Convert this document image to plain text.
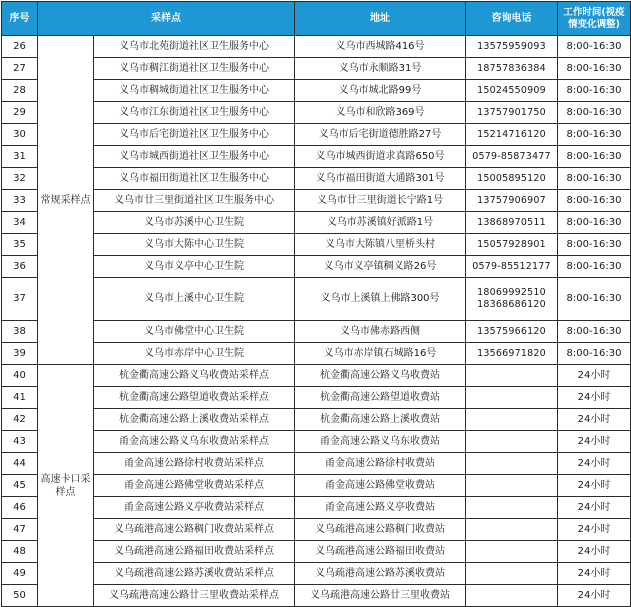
序号	采样点		地址	咨询电话	工作时间(视疫情变化调整)
26	常规采样点	义乌市北苑街道社区卫生服务中心	义乌市西城路416号	13575959093	8:00-16:30
27		义乌市稠江街道社区卫生服务中心	义乌市永顺路31号	18757836384	8:00-16:30
28		义乌市稠城街道社区卫生服务中心	义乌市城北路99号	15024550909	8:00-16:30
29		义乌市江东街道社区卫生服务中心	义乌市和欣路369号	13757901750	8:00-16:30
30		义乌市后宅街道社区卫生服务中心	义乌市后宅街道德胜路27号	15214716120	8:00-16:30
31		义乌市城西街道社区卫生服务中心	义乌市城西街道求真路650号	0579-85873477	8:00-16:30
32		义乌市福田街道社区卫生服务中心	义乌市福田街道大通路301号	15005895120	8:00-16:30
33		义乌市廿三里街道社区卫生服务中心	义乌市廿三里街道长宁路1号	13757906907	8:00-16:30
34		义乌市苏溪中心卫生院	义乌市苏溪镇好派路1号	13868970511	8:00-16:30
35		义乌市大陈中心卫生院	义乌市大陈镇八里桥头村	15057928901	8:00-16:30
36		义乌市义亭中心卫生院	义乌市义亭镇稠义路26号	0579-85512177	8:00-16:30
37		义乌市上溪中心卫生院	义乌市上溪镇上佛路300号	18069992510 18368686120	8:00-16:30
38		义乌市佛堂中心卫生院	义乌市佛赤路西侧	13575966120	8:00-16:30
39		义乌市赤岸中心卫生院	义乌市赤岸镇石城路16号	13566971820	8:00-16:30
40	高速卡口采样点	杭金衢高速公路义乌收费站采样点	杭金衢高速公路义乌收费站		24小时
41		杭金衢高速公路望道收费站采样点	杭金衢高速公路望道收费站		24小时
42		杭金衢高速公路上溪收费站采样点	杭金衢高速公路上溪收费站		24小时
43		甬金高速公路义乌东收费站采样点	甬金高速公路义乌东收费站		24小时
44		甬金高速公路徐村收费站采样点	甬金高速公路徐村收费站		24小时
45		甬金高速公路佛堂收费站采样点	甬金高速公路佛堂收费站		24小时
46		甬金高速公路义亭收费站采样点	甬金高速公路义亭收费站		24小时
47		义乌疏港高速公路稠门收费站采样点	义乌疏港高速公路稠门收费站		24小时
48		义乌疏港高速公路福田收费站采样点	义乌疏港高速公路福田收费站		24小时
49		义乌疏港高速公路苏溪收费站采样点	义乌疏港高速公路苏溪收费站		24小时
50		义乌疏港高速公路廿三里收费站采样点	义乌疏港高速公路廿三里收费站		24小时
